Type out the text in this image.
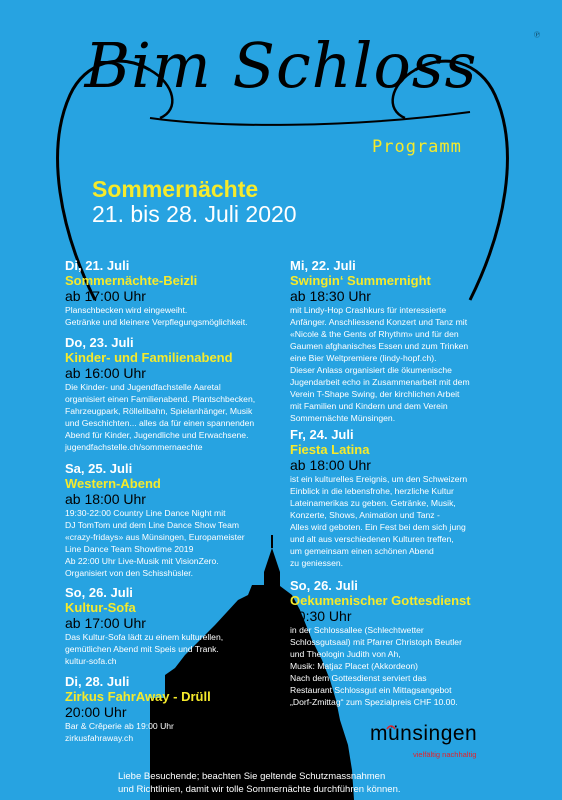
Ⓟ
Bim Schloss
Programm
Sommernächte
21. bis 28. Juli 2020
Di, 21. Juli
Sommernächte-Beizli
ab 17:00 Uhr
Planschbecken wird eingeweiht.
Getränke und kleinere Verpflegungsmöglichkeit.
Do, 23. Juli
Kinder- und Familienabend
ab 16:00 Uhr
Die Kinder- und Jugendfachstelle Aaretal
organisiert einen Familienabend. Plantschbecken,
Fahrzeugpark, Röllelibahn, Spielanhänger, Musik
und Geschichten... alles da für einen spannenden
Abend für Kinder, Jugendliche und Erwachsene.
jugendfachstelle.ch/sommernaechte
Sa, 25. Juli
Western-Abend
ab 18:00 Uhr
19:30-22:00 Country Line Dance Night mit
DJ TomTom und dem Line Dance Show Team
«crazy-fridays» aus Münsingen, Europameister
Line Dance Team Showtime 2019
Ab 22:00 Uhr Live-Musik mit VisionZero.
Organisiert von den Schisshüsler.
So, 26. Juli
Kultur-Sofa
ab 17:00 Uhr
Das Kultur-Sofa lädt zu einem kulturellen,
gemütlichen Abend mit Speis und Trank.
kultur-sofa.ch
Di, 28. Juli
Zirkus FahrAway - Drüll
20:00 Uhr
Bar & Crêperie ab 19:00 Uhr
zirkusfahraway.ch
Mi, 22. Juli
Swingin‘ Summernight
ab 18:30 Uhr
mit Lindy-Hop Crashkurs für interessierte
Anfänger. Anschliessend Konzert und Tanz mit
«Nicole & the Gents of Rhythm» und für den
Gaumen afghanisches Essen und zum Trinken
eine Bier Weltpremiere (lindy-hopf.ch).
Dieser Anlass organisiert die ökumenische
Jugendarbeit echo in Zusammenarbeit mit dem
Verein T-Shape Swing, der kirchlichen Arbeit
mit Familien und Kindern und dem Verein
Sommernächte Münsingen.
Fr, 24. Juli
Fiesta Latina
ab 18:00 Uhr
ist ein kulturelles Ereignis, um den Schweizern
Einblick in die lebensfrohe, herzliche Kultur
Lateinamerikas zu geben. Getränke, Musik,
Konzerte, Shows, Animation und Tanz -
Alles wird geboten. Ein Fest bei dem sich jung
und alt aus verschiedenen Kulturen treffen,
um gemeinsam einen schönen Abend
zu geniessen.
So, 26. Juli
Oekumenischer Gottesdienst
10:30 Uhr
in der Schlossallee (Schlechtwetter
Schlossgutsaal) mit Pfarrer Christoph Beutler
und Theologin Judith von Ah,
Musik: Matjaz Placet (Akkordeon)
Nach dem Gottesdienst serviert das
Restaurant Schlossgut ein Mittagsangebot
„Dorf-Zmittag“ zum Spezialpreis CHF 10.00.
münsingen
vielfältig nachhaltig
Liebe Besuchende; beachten Sie geltende Schutzmassnahmen
und Richtlinien, damit wir tolle Sommernächte durchführen können.
